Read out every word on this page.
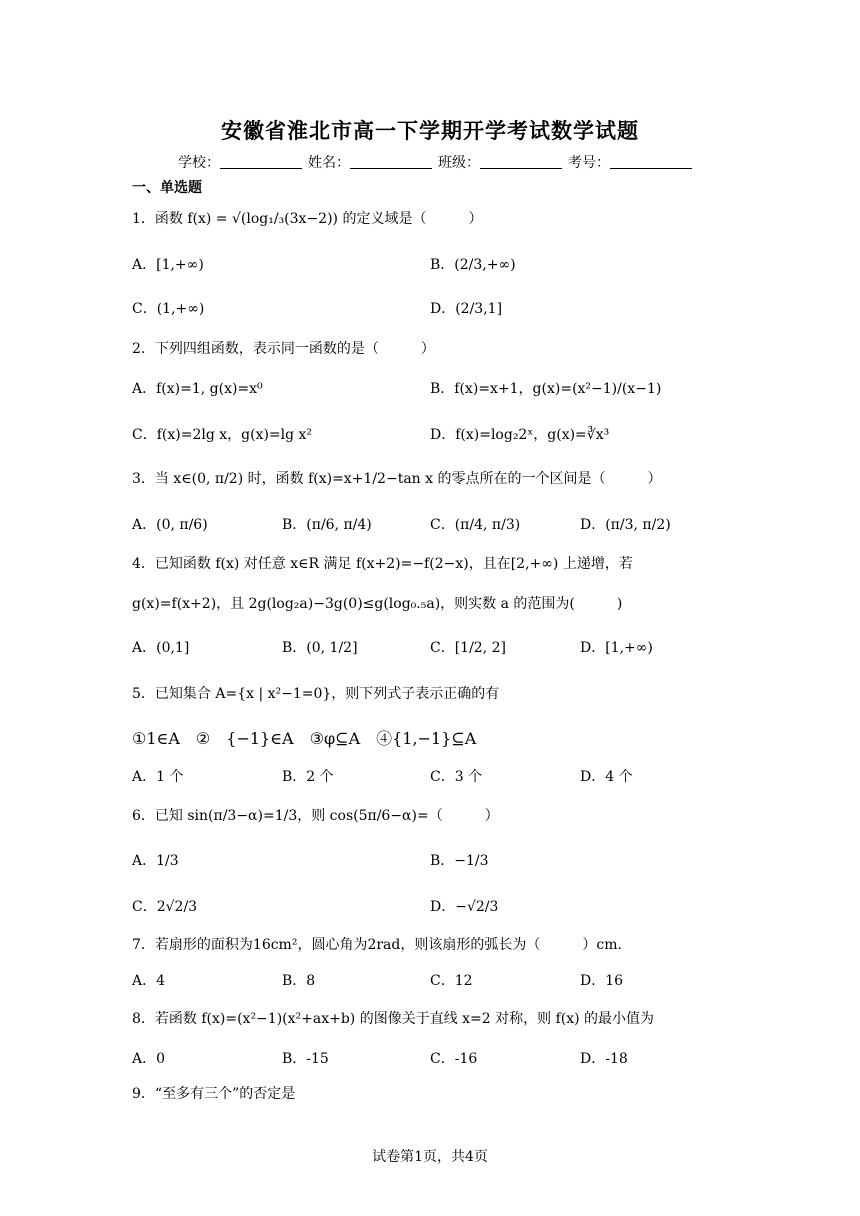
安徽省淮北市高一下学期开学考试数学试题
学校：	姓名：	班级：	考号：
一、单选题
1．函数 f(x) = √(log₁/₃(3x−2)) 的定义域是（　　　）
A．[1,+∞)	B．(2/3,+∞)
C．(1,+∞)	D．(2/3,1]
2．下列四组函数，表示同一函数的是（　　　）
A．f(x)=1, g(x)=x⁰	B．f(x)=x+1，g(x)=(x²−1)/(x−1)
C．f(x)=2lg x，g(x)=lg x²	D．f(x)=log₂2ˣ，g(x)=∛x³
3．当 x∈(0, π/2) 时，函数 f(x)=x+1/2−tan x 的零点所在的一个区间是（　　　）
A．(0, π/6)	B．(π/6, π/4)	C．(π/4, π/3)	D．(π/3, π/2)
4．已知函数 f(x) 对任意 x∈R 满足 f(x+2)=−f(2−x)，且在[2,+∞) 上递增，若
g(x)=f(x+2)，且 2g(log₂a)−3g(0)≤g(log₀.₅a)，则实数 a 的范围为(　　　)
A．(0,1]	B．(0, 1/2]	C．[1/2, 2]	D．[1,+∞)
5．已知集合 A={x | x²−1=0}，则下列式子表示正确的有
①1∈A　②　{−1}∈A　③φ⊆A　④{1,−1}⊆A
A．1 个	B．2 个	C．3 个	D．4 个
6．已知 sin(π/3−α)=1/3，则 cos(5π/6−α)=（　　　）
A．1/3	B．−1/3
C．2√2/3	D．−√2/3
7．若扇形的面积为16cm²，圆心角为2rad，则该扇形的弧长为（　　　）cm.
A．4	B．8	C．12	D．16
8．若函数 f(x)=(x²−1)(x²+ax+b) 的图像关于直线 x=2 对称，则 f(x) 的最小值为
A．0	B．-15	C．-16	D．-18
9．“至多有三个”的否定是
试卷第1页，共4页
